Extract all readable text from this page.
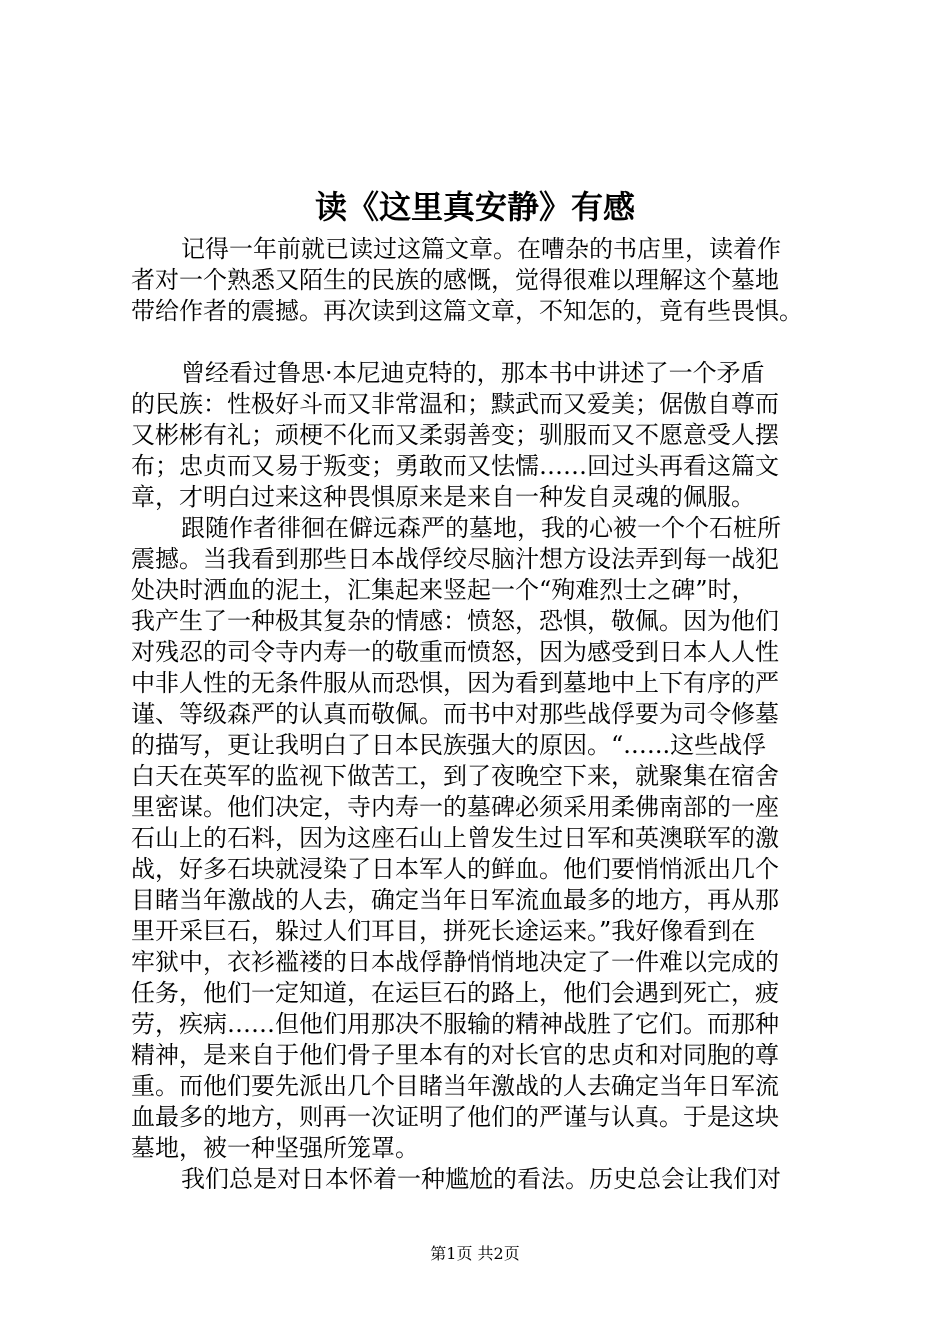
读《这里真安静》有感

记得一年前就已读过这篇文章。在嘈杂的书店里，读着作

者对一个熟悉又陌生的民族的感慨，觉得很难以理解这个墓地

带给作者的震撼。再次读到这篇文章，不知怎的，竟有些畏惧。

曾经看过鲁思·本尼迪克特的，那本书中讲述了一个矛盾

的民族：性极好斗而又非常温和；黩武而又爱美；倨傲自尊而

又彬彬有礼；顽梗不化而又柔弱善变；驯服而又不愿意受人摆

布；忠贞而又易于叛变；勇敢而又怯懦……回过头再看这篇文

章，才明白过来这种畏惧原来是来自一种发自灵魂的佩服。

跟随作者徘徊在僻远森严的墓地，我的心被一个个石桩所

震撼。当我看到那些日本战俘绞尽脑汁想方设法弄到每一战犯

处决时洒血的泥土，汇集起来竖起一个“殉难烈士之碑”时，

我产生了一种极其复杂的情感：愤怒，恐惧，敬佩。因为他们

对残忍的司令寺内寿一的敬重而愤怒，因为感受到日本人人性

中非人性的无条件服从而恐惧，因为看到墓地中上下有序的严

谨、等级森严的认真而敬佩。而书中对那些战俘要为司令修墓

的描写，更让我明白了日本民族强大的原因。“.…..这些战俘

白天在英军的监视下做苦工，到了夜晚空下来，就聚集在宿舍

里密谋。他们决定，寺内寿一的墓碑必须采用柔佛南部的一座

石山上的石料，因为这座石山上曾发生过日军和英澳联军的激

战，好多石块就浸染了日本军人的鲜血。他们要悄悄派出几个

目睹当年激战的人去，确定当年日军流血最多的地方，再从那

里开采巨石，躲过人们耳目，拼死长途运来。”我好像看到在

牢狱中，衣衫褴褛的日本战俘静悄悄地决定了一件难以完成的

任务，他们一定知道，在运巨石的路上，他们会遇到死亡，疲

劳，疾病……但他们用那决不服输的精神战胜了它们。而那种

精神，是来自于他们骨子里本有的对长官的忠贞和对同胞的尊

重。而他们要先派出几个目睹当年激战的人去确定当年日军流

血最多的地方，则再一次证明了他们的严谨与认真。于是这块

墓地，被一种坚强所笼罩。

我们总是对日本怀着一种尴尬的看法。历史总会让我们对

第1页 共2页
